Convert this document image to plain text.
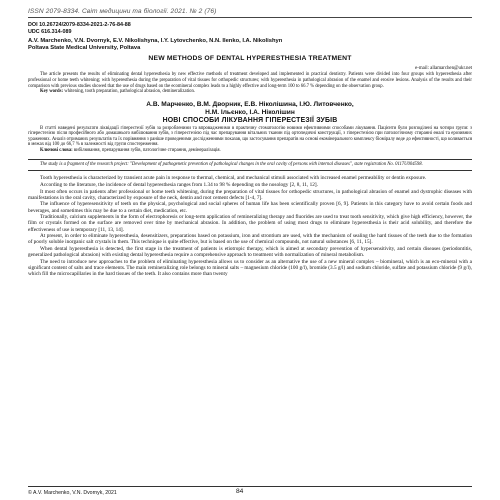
ISSN 2079-8334. Світ медицини та біології. 2021. № 2 (76)
DOI 10.26724/2079-8334-2021-2-76-84-88
UDC 616.314-089
A.V. Marchenko, V.N. Dvornyk, E.V. Nikolishyna, I.Y. Lytovchenko, N.N. Ilenko, I.A. Nikolishyn
Poltava State Medical University, Poltava
NEW METHODS OF DENTAL HYPERESTHESIA TREATMENT
e-mail: allamarchen@ukr.net

The article presents the results of eliminating dental hyperesthesia by new effective methods of treatment developed and implemented in practical dentistry. Patients were divided into four groups with hyperesthesia after professional or home teeth whitening; with hyperesthesia during the preparation of vital tissues for orthopedic structures; with hyperesthesia in pathological abrasion of the enamel and erosive lesions. Analysis of the results and their comparison with previous studies showed that the use of drugs based on the ecomineral complex leads to a highly effective and long-term 100 to 66.7 % depending on the observation group.

Key words: whitening, tooth preparation, pathological abrasion, demineralization.

А.В. Марченко, В.М. Дворник, Е.В. Ніколішина, І.Ю. Литовченко,
Н.М. Ільєнко, І.А. Ніколішин
НОВІ СПОСОБИ ЛІКУВАННЯ ГІПЕРЕСТЕЗІЇ ЗУБІВ

В статті наведені результати ліквідації гіперестезії зубів за розробленими та впровадженими в практичну стоматологію новими ефективними способами лікування. Пацієнти були розподілені на чотири групи: з гіперестезією після професійного або домашнього вибілювання зубів, з гіперестезією під час препарування вітальних тканин під ортопедичні конструкції, з гіперестезією при патологічному стиранні емалі та ерозивних ураженнях. Аналіз отриманих результатів та їх порівняння з раніше проведеними дослідженнями показав, що застосування препаратів на основі екомінерального комплексу біоміралу веде до ефективності, що коливається в межах від 100 до 66,7 % в залежності від групи спостереження.

Ключові слова: вибілювання, препарування зубів, патологічне стирання, демінералізація.

The study is a fragment of the research project: "Development of pathogenetic prevention of pathological changes in the oral cavity of persons with internal diseases", state registration No. 0117U004598.

Tooth hyperesthesia is characterized by transient acute pain in response to thermal, chemical, and mechanical stimuli associated with increased enamel permeability or dentin exposure.

According to the literature, the incidence of dental hyperesthesia ranges from 1.34 to 98 % depending on the nosology [2, 8, 11, 12].

It most often occurs in patients after professional or home teeth whitening, during the preparation of vital tissues for orthopedic structures, in pathological abrasion of enamel and dystrophic diseases with manifestations in the oral cavity, characterized by exposure of the neck, dentin and root cement defects [1-4, 7].

The influence of hyperesensitivity of teeth on the physical, psychological and social spheres of human life has been scientifically proven [6, 9]. Patients in this category have to avoid certain foods and beverages, and sometimes this may be due to a certain diet, medication, etc.

Traditionally, calcium supplements in the form of electrophoresis or long-term application of remineralizing therapy and fluorides are used to treat tooth sensitivity, which give high efficiency, however, the film or crystals formed on the surface are removed over time by mechanical abrasion. In addition, the problem of using most drugs to eliminate hyperesthesia is their acid solubility, and therefore the effectiveness of use is temporary [11, 13, 14].

At present, in order to eliminate hyperesthesia, desensitizers, preparations based on potassium, iron and strontium are used, with the mechanism of sealing the hard tissues of the teeth due to the formation of poorly soluble inorganic salt crystals in them. This technique is quite effective, but is based on the use of chemical compounds, not natural substances [6, 11, 15].

When dental hyperesthesia is detected, the first stage in the treatment of patients is etiotropic therapy, which is aimed at secondary prevention of hypersensitivity, and certain diseases (periodontitis, generalized pathological abrasion) with existing dental hyperesthesia require a comprehensive approach to treatment with normalization of mineral metabolism.

The need to introduce new approaches to the problem of eliminating hyperesthesia allows us to consider as an alternative the use of a new mineral complex – biomineral, which is an eco-mineral with a significant content of salts and trace elements. The main remineralizing role belongs to mineral salts – magnesium chloride (100 g/l), bromide (3.5 g/l) and sodium chloride, sulfate and potassium chloride (9 g/l), which fill the microcapillaries in the hard tissues of the teeth. It also contains more than twenty

© A.V. Marchenko, V.N. Dvornyk, 2021	84
